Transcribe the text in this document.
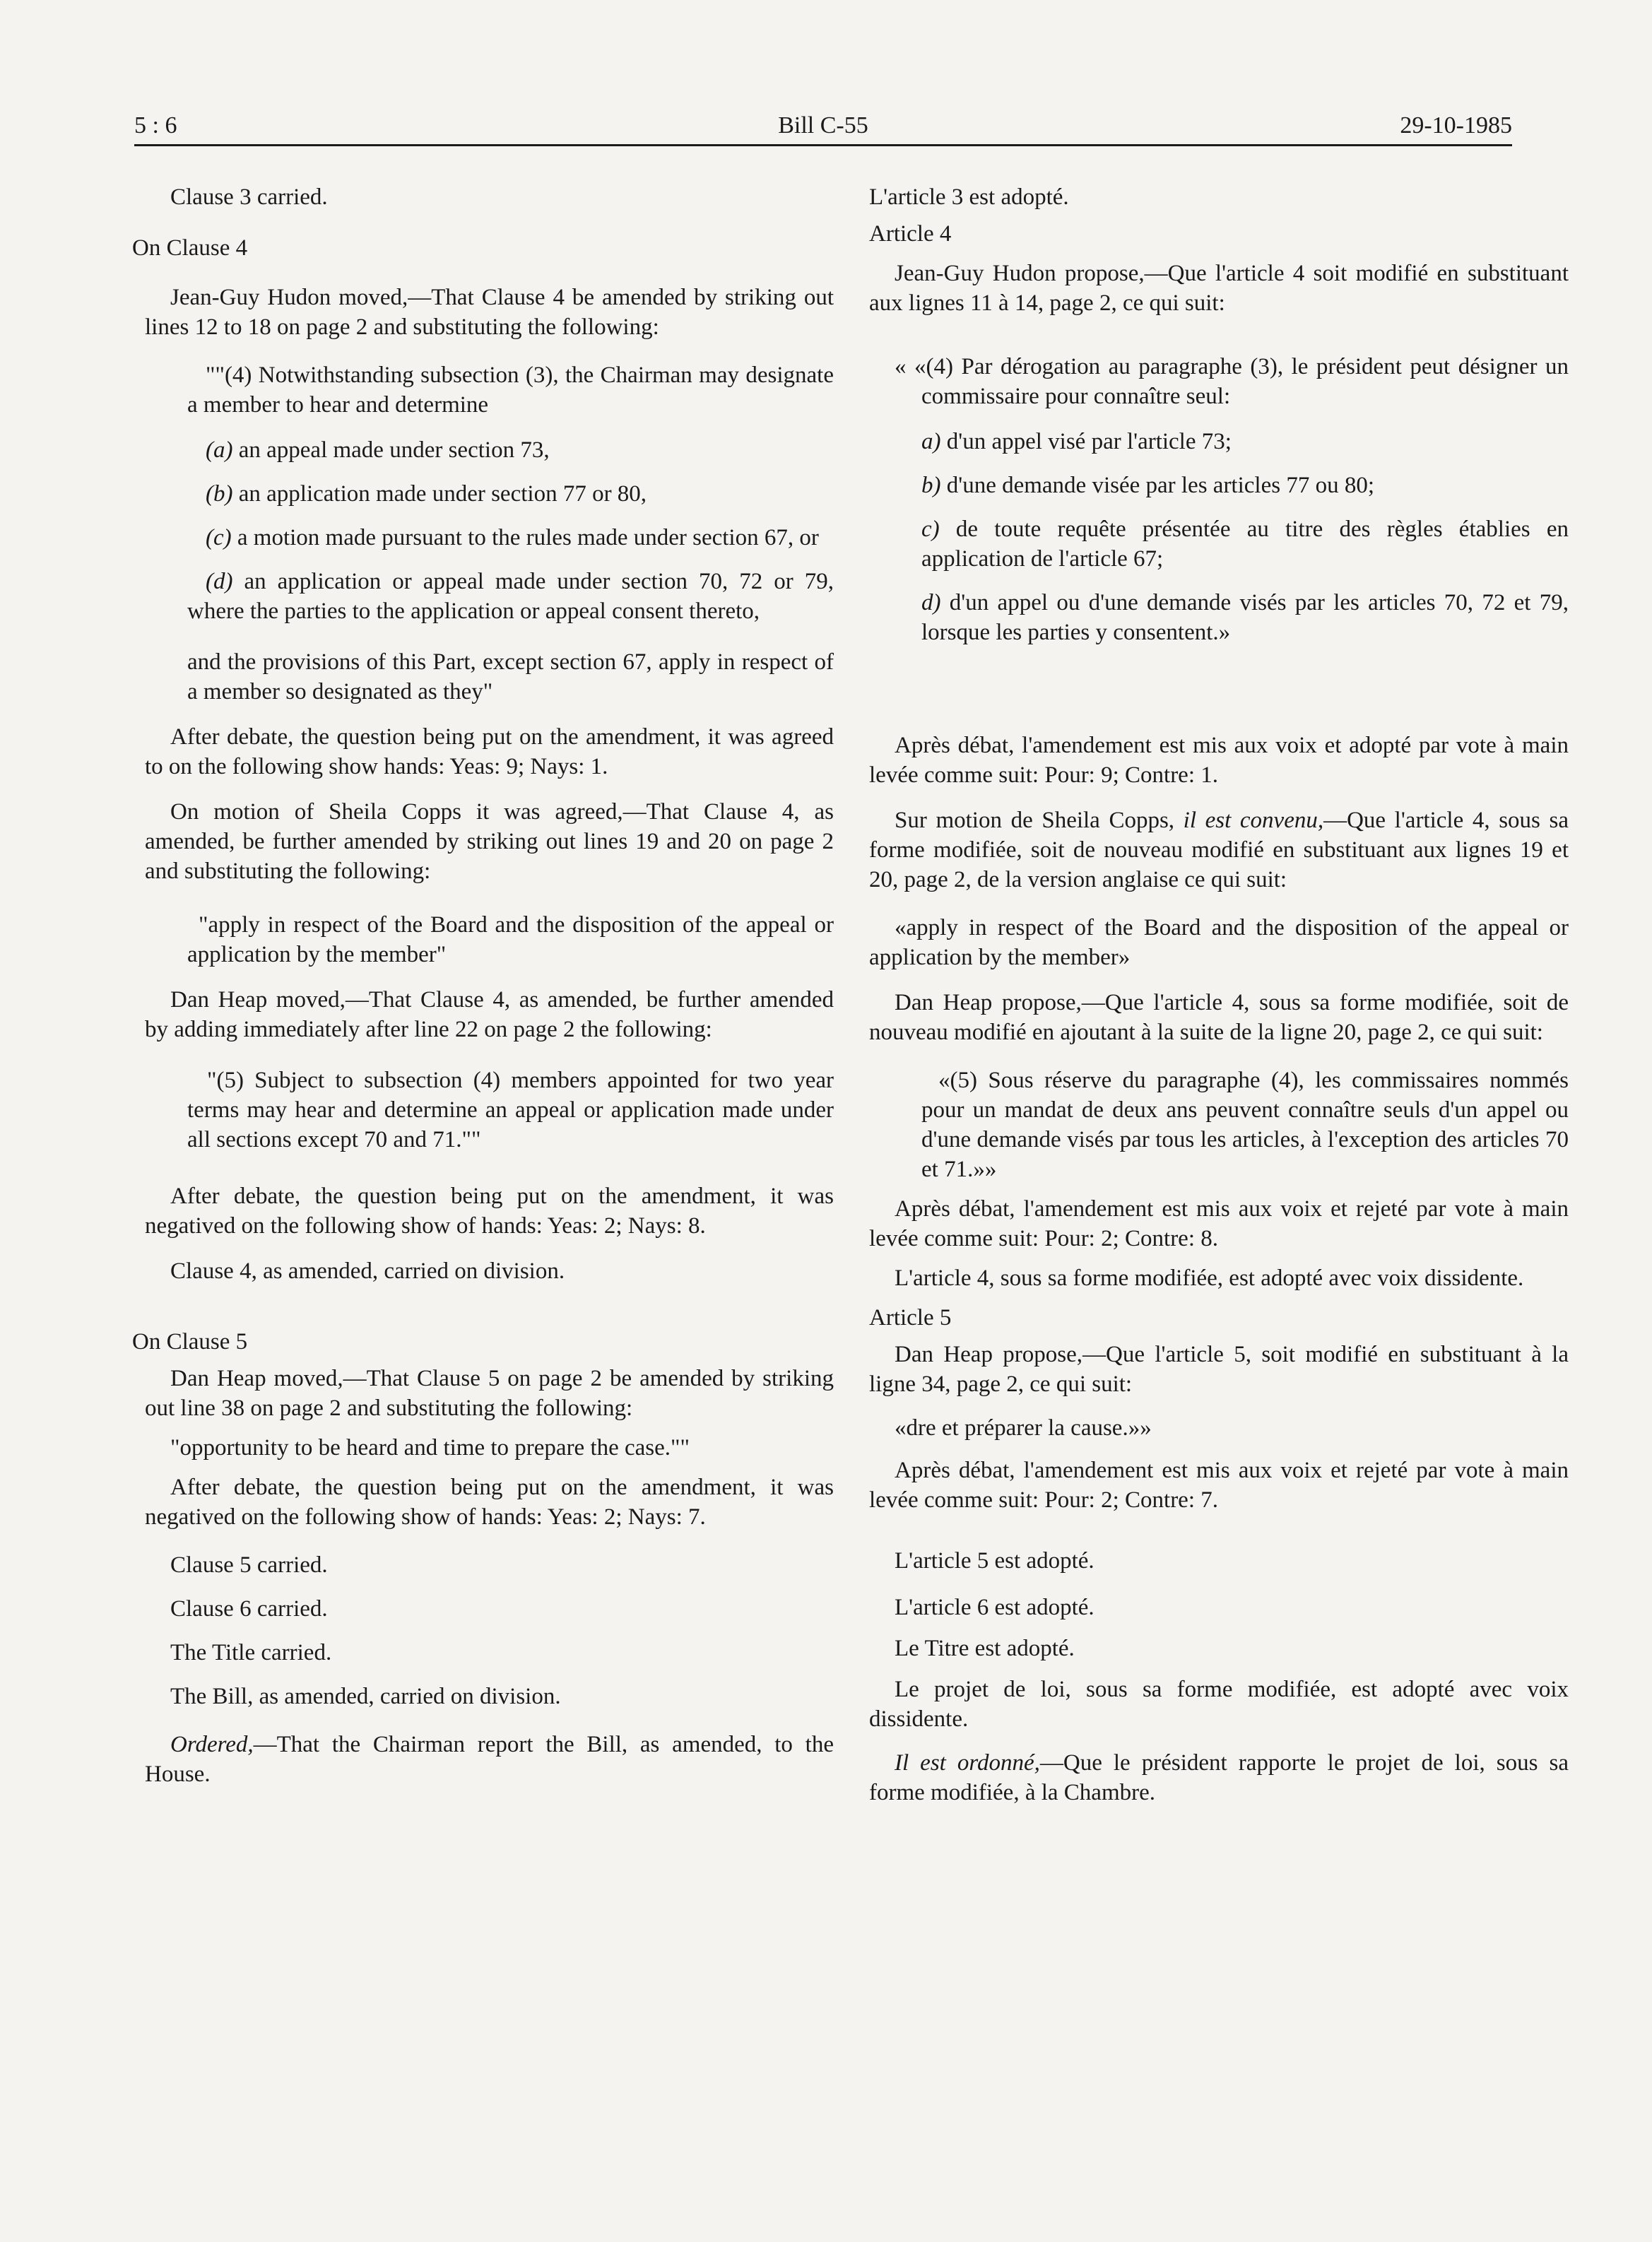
5 : 6	Bill C-55	29-10-1985

Clause 3 carried.

On Clause 4

Jean-Guy Hudon moved,—That Clause 4 be amended by striking out lines 12 to 18 on page 2 and substituting the following:

""(4) Notwithstanding subsection (3), the Chairman may designate a member to hear and determine

(a) an appeal made under section 73,

(b) an application made under section 77 or 80,

(c) a motion made pursuant to the rules made under section 67, or

(d) an application or appeal made under section 70, 72 or 79, where the parties to the application or appeal consent thereto,

and the provisions of this Part, except section 67, apply in respect of a member so designated as they"

After debate, the question being put on the amendment, it was agreed to on the following show hands: Yeas: 9; Nays: 1.

On motion of Sheila Copps it was agreed,—That Clause 4, as amended, be further amended by striking out lines 19 and 20 on page 2 and substituting the following:

"apply in respect of the Board and the disposition of the appeal or application by the member"

Dan Heap moved,—That Clause 4, as amended, be further amended by adding immediately after line 22 on page 2 the following:

"(5) Subject to subsection (4) members appointed for two year terms may hear and determine an appeal or application made under all sections except 70 and 71.""

After debate, the question being put on the amendment, it was negatived on the following show of hands: Yeas: 2; Nays: 8.

Clause 4, as amended, carried on division.

On Clause 5

Dan Heap moved,—That Clause 5 on page 2 be amended by striking out line 38 on page 2 and substituting the following:

"opportunity to be heard and time to prepare the case.""

After debate, the question being put on the amendment, it was negatived on the following show of hands: Yeas: 2; Nays: 7.

Clause 5 carried.

Clause 6 carried.

The Title carried.

The Bill, as amended, carried on division.

Ordered,—That the Chairman report the Bill, as amended, to the House.

L'article 3 est adopté.

Article 4

Jean-Guy Hudon propose,—Que l'article 4 soit modifié en substituant aux lignes 11 à 14, page 2, ce qui suit:

« «(4) Par dérogation au paragraphe (3), le président peut désigner un commissaire pour connaître seul:

a) d'un appel visé par l'article 73;

b) d'une demande visée par les articles 77 ou 80;

c) de toute requête présentée au titre des règles établies en application de l'article 67;

d) d'un appel ou d'une demande visés par les articles 70, 72 et 79, lorsque les parties y consentent.»

Après débat, l'amendement est mis aux voix et adopté par vote à main levée comme suit: Pour: 9; Contre: 1.

Sur motion de Sheila Copps, il est convenu,—Que l'article 4, sous sa forme modifiée, soit de nouveau modifié en substituant aux lignes 19 et 20, page 2, de la version anglaise ce qui suit:

«apply in respect of the Board and the disposition of the appeal or application by the member»

Dan Heap propose,—Que l'article 4, sous sa forme modifiée, soit de nouveau modifié en ajoutant à la suite de la ligne 20, page 2, ce qui suit:

«(5) Sous réserve du paragraphe (4), les commissaires nommés pour un mandat de deux ans peuvent connaître seuls d'un appel ou d'une demande visés par tous les articles, à l'exception des articles 70 et 71.»»

Après débat, l'amendement est mis aux voix et rejeté par vote à main levée comme suit: Pour: 2; Contre: 8.

L'article 4, sous sa forme modifiée, est adopté avec voix dissidente.

Article 5

Dan Heap propose,—Que l'article 5, soit modifié en substituant à la ligne 34, page 2, ce qui suit:

«dre et préparer la cause.»»

Après débat, l'amendement est mis aux voix et rejeté par vote à main levée comme suit: Pour: 2; Contre: 7.

L'article 5 est adopté.

L'article 6 est adopté.

Le Titre est adopté.

Le projet de loi, sous sa forme modifiée, est adopté avec voix dissidente.

Il est ordonné,—Que le président rapporte le projet de loi, sous sa forme modifiée, à la Chambre.
